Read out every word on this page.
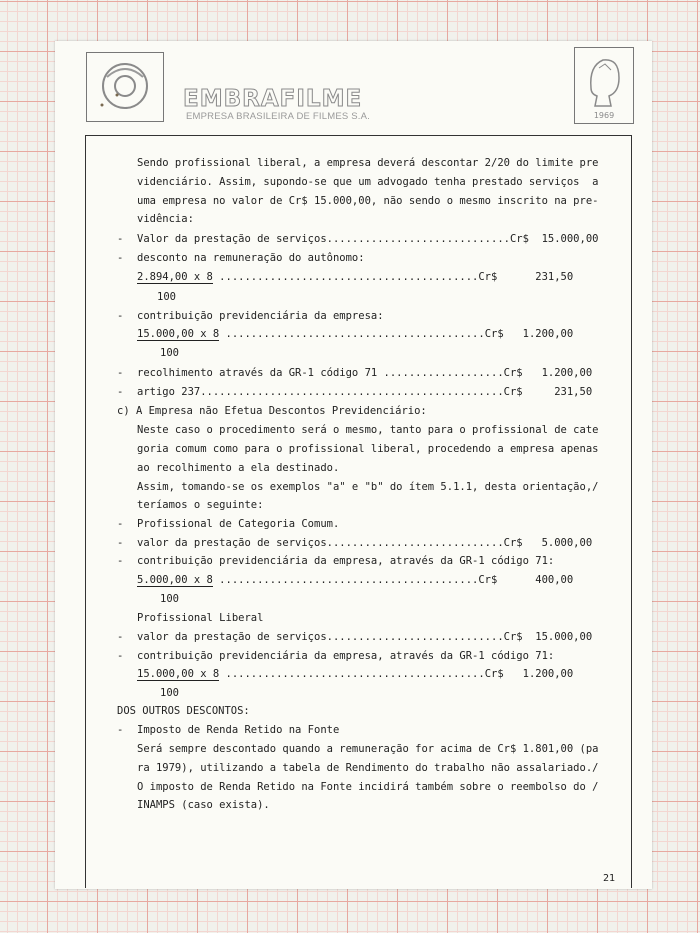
EMBRAFILME
EMPRESA BRASILEIRA DE FILMES S.A.	1969
Sendo profissional liberal, a empresa deverá descontar 2/20 do limite pre
videnciário. Assim, supondo-se que um advogado tenha prestado serviços  a
uma empresa no valor de Cr$ 15.000,00, não sendo o mesmo inscrito na pre-
vidência:
- Valor da prestação de serviços.............................Cr$  15.000,00
- desconto na remuneração do autônomo:
2.894,00 x 8 .........................................Cr$      231,50
100
- contribuição previdenciária da empresa:
15.000,00 x 8 .........................................Cr$   1.200,00
100
- recolhimento através da GR-1 código 71 ...................Cr$   1.200,00
- artigo 237................................................Cr$     231,50
c) A Empresa não Efetua Descontos Previdenciário:
Neste caso o procedimento será o mesmo, tanto para o profissional de cate
goria comum como para o profissional liberal, procedendo a empresa apenas
ao recolhimento a ela destinado.
Assim, tomando-se os exemplos "a" e "b" do ítem 5.1.1, desta orientação,/
teríamos o seguinte:
- Profissional de Categoria Comum.
- valor da prestação de serviços............................Cr$   5.000,00
- contribuição previdenciária da empresa, através da GR-1 código 71:
5.000,00 x 8 .........................................Cr$      400,00
100
Profissional Liberal
- valor da prestação de serviços............................Cr$  15.000,00
- contribuição previdenciária da empresa, através da GR-1 código 71:
15.000,00 x 8 .........................................Cr$   1.200,00
100
DOS OUTROS DESCONTOS:
- Imposto de Renda Retido na Fonte
Será sempre descontado quando a remuneração for acima de Cr$ 1.801,00 (pa
ra 1979), utilizando a tabela de Rendimento do trabalho não assalariado./
O imposto de Renda Retido na Fonte incidirá também sobre o reembolso do /
INAMPS (caso exista).
21
